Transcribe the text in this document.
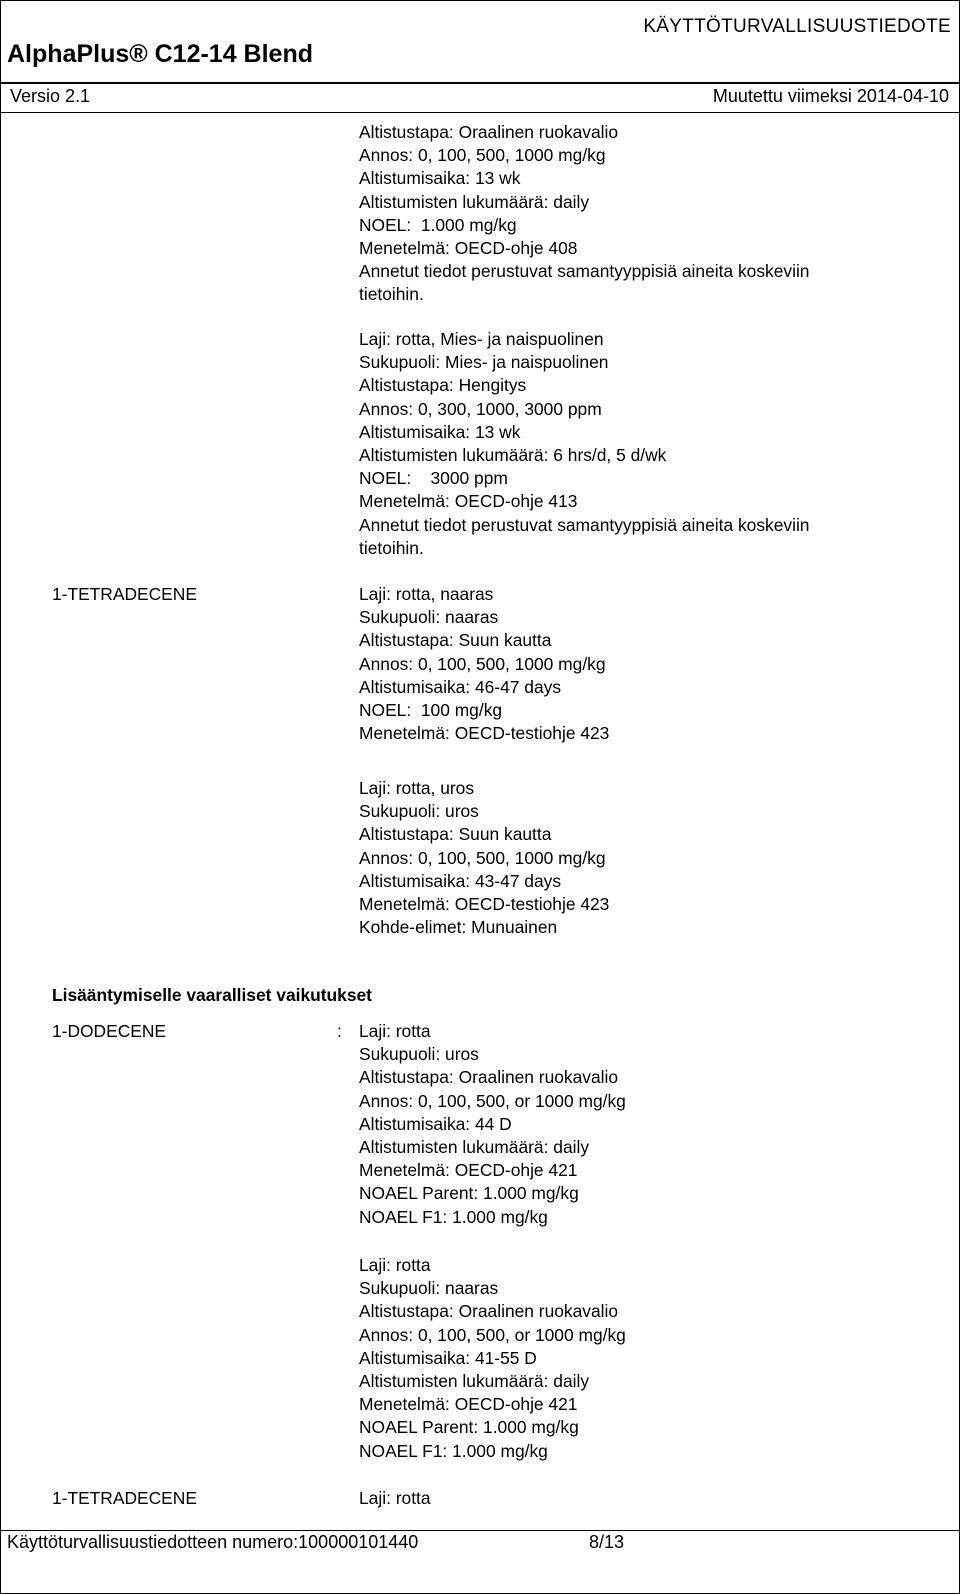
KÄYTTÖTURVALLISUUSTIEDOTE
AlphaPlus® C12-14 Blend
Versio 2.1	Muutettu viimeksi 2014-04-10
Altistustapa: Oraalinen ruokavalio
Annos: 0, 100, 500, 1000 mg/kg
Altistumisaika: 13 wk
Altistumisten lukumäärä: daily
NOEL:  1.000 mg/kg
Menetelmä: OECD-ohje 408
Annetut tiedot perustuvat samantyyppisiä aineita koskeviin
tietoihin.
Laji: rotta, Mies- ja naispuolinen
Sukupuoli: Mies- ja naispuolinen
Altistustapa: Hengitys
Annos: 0, 300, 1000, 3000 ppm
Altistumisaika: 13 wk
Altistumisten lukumäärä: 6 hrs/d, 5 d/wk
NOEL:    3000 ppm
Menetelmä: OECD-ohje 413
Annetut tiedot perustuvat samantyyppisiä aineita koskeviin
tietoihin.
1-TETRADECENE	Laji: rotta, naaras
Sukupuoli: naaras
Altistustapa: Suun kautta
Annos: 0, 100, 500, 1000 mg/kg
Altistumisaika: 46-47 days
NOEL:  100 mg/kg
Menetelmä: OECD-testiohje 423
Laji: rotta, uros
Sukupuoli: uros
Altistustapa: Suun kautta
Annos: 0, 100, 500, 1000 mg/kg
Altistumisaika: 43-47 days
Menetelmä: OECD-testiohje 423
Kohde-elimet: Munuainen
Lisääntymiselle vaaralliset vaikutukset
1-DODECENE	: Laji: rotta
Sukupuoli: uros
Altistustapa: Oraalinen ruokavalio
Annos: 0, 100, 500, or 1000 mg/kg
Altistumisaika: 44 D
Altistumisten lukumäärä: daily
Menetelmä: OECD-ohje 421
NOAEL Parent: 1.000 mg/kg
NOAEL F1: 1.000 mg/kg
Laji: rotta
Sukupuoli: naaras
Altistustapa: Oraalinen ruokavalio
Annos: 0, 100, 500, or 1000 mg/kg
Altistumisaika: 41-55 D
Altistumisten lukumäärä: daily
Menetelmä: OECD-ohje 421
NOAEL Parent: 1.000 mg/kg
NOAEL F1: 1.000 mg/kg
1-TETRADECENE	Laji: rotta
Käyttöturvallisuustiedotteen numero:100000101440	8/13
